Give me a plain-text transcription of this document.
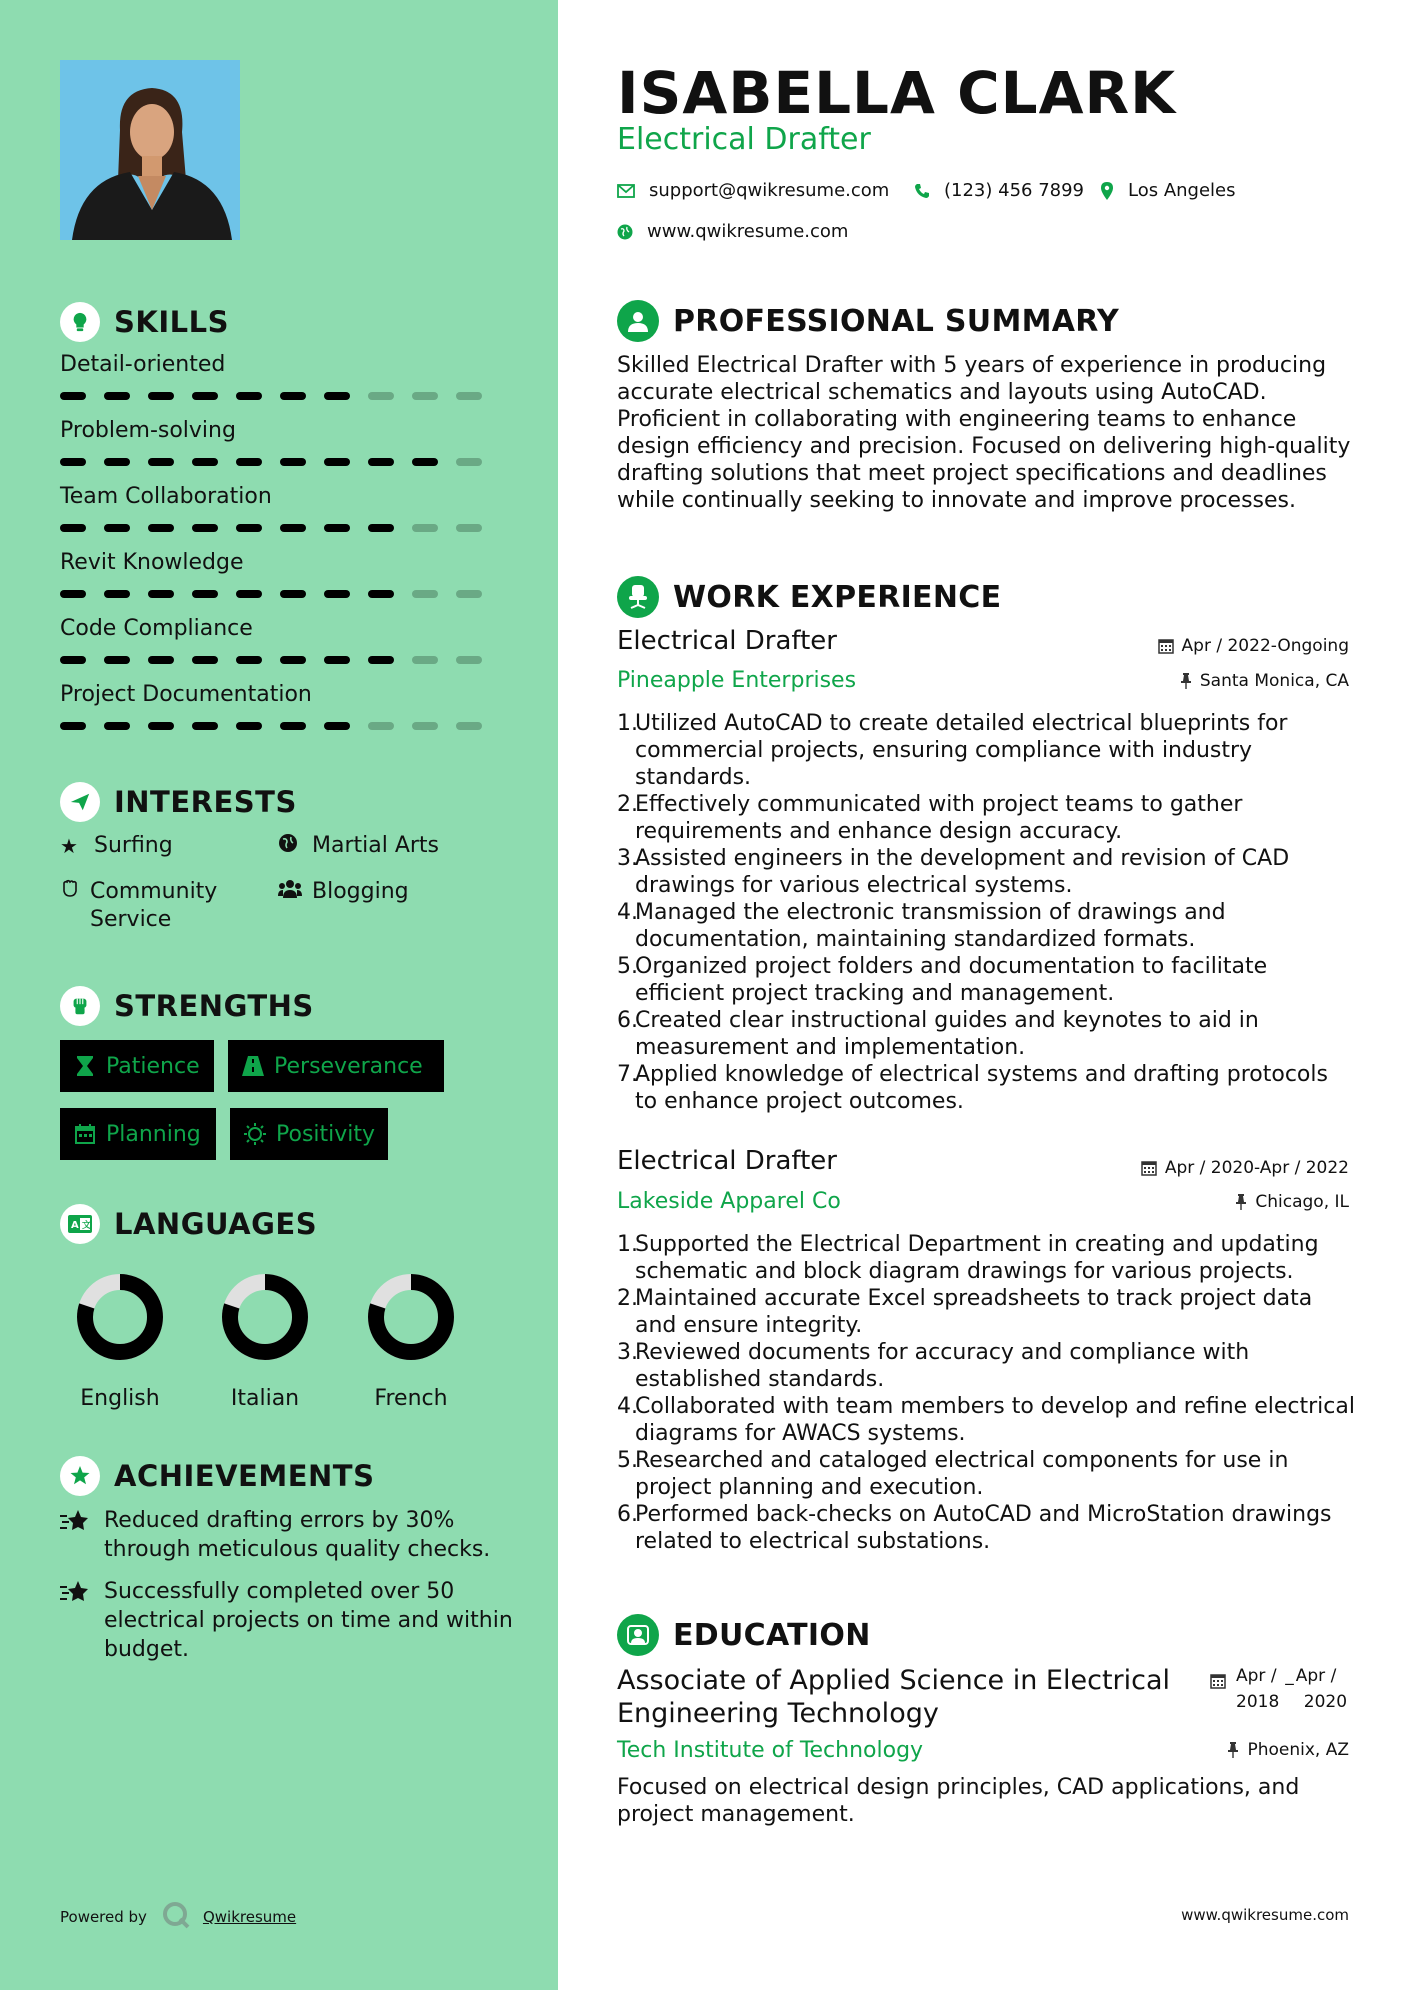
SKILLS
Detail-oriented
Problem-solving
Team Collaboration
Revit Knowledge
Code Compliance
Project Documentation
INTERESTS
★ Surfing	Martial Arts
Community Service
Blogging
STRENGTHS
Patience	Perseverance
Planning	Positivity
A 文 LANGUAGES
English	Italian	French
ACHIEVEMENTS
Reduced drafting errors by 30% through meticulous quality checks.
Successfully completed over 50 electrical projects on time and within budget.
Powered by	Qwikresume
ISABELLA CLARK
Electrical Drafter
support@qwikresume.com	(123) 456 7899 Los Angeles
www.qwikresume.com
PROFESSIONAL SUMMARY
Skilled Electrical Drafter with 5 years of experience in producing accurate electrical schematics and layouts using AutoCAD. Proficient in collaborating with engineering teams to enhance design efficiency and precision. Focused on delivering high-quality drafting solutions that meet project specifications and deadlines while continually seeking to innovate and improve processes.
WORK EXPERIENCE
Electrical Drafter	Apr / 2022-Ongoing
Pineapple Enterprises	Santa Monica, CA
1.
Utilized AutoCAD to create detailed electrical blueprints for commercial projects, ensuring compliance with industry standards.
2.
Effectively communicated with project teams to gather requirements and enhance design accuracy.
3.
Assisted engineers in the development and revision of CAD drawings for various electrical systems.
4.
Managed the electronic transmission of drawings and documentation, maintaining standardized formats.
5.
Organized project folders and documentation to facilitate efficient project tracking and management.
6.
Created clear instructional guides and keynotes to aid in measurement and implementation.
7.
Applied knowledge of electrical systems and drafting protocols to enhance project outcomes.
Electrical Drafter	Apr / 2020-Apr / 2022
Lakeside Apparel Co	Chicago, IL
1.
Supported the Electrical Department in creating and updating schematic and block diagram drawings for various projects.
2.
Maintained accurate Excel spreadsheets to track project data and ensure integrity.
3.
Reviewed documents for accuracy and compliance with established standards.
4.
Collaborated with team members to develop and refine electrical diagrams for AWACS systems.
5.
Researched and cataloged electrical components for use in project planning and execution.
6.
Performed back-checks on AutoCAD and MicroStation drawings related to electrical substations.
EDUCATION
Associate of Applied Science in Electrical Engineering Technology
Apr /
2018
_ Apr /
2020
Tech Institute of Technology	Phoenix, AZ
Focused on electrical design principles, CAD applications, and project management.
www.qwikresume.com
